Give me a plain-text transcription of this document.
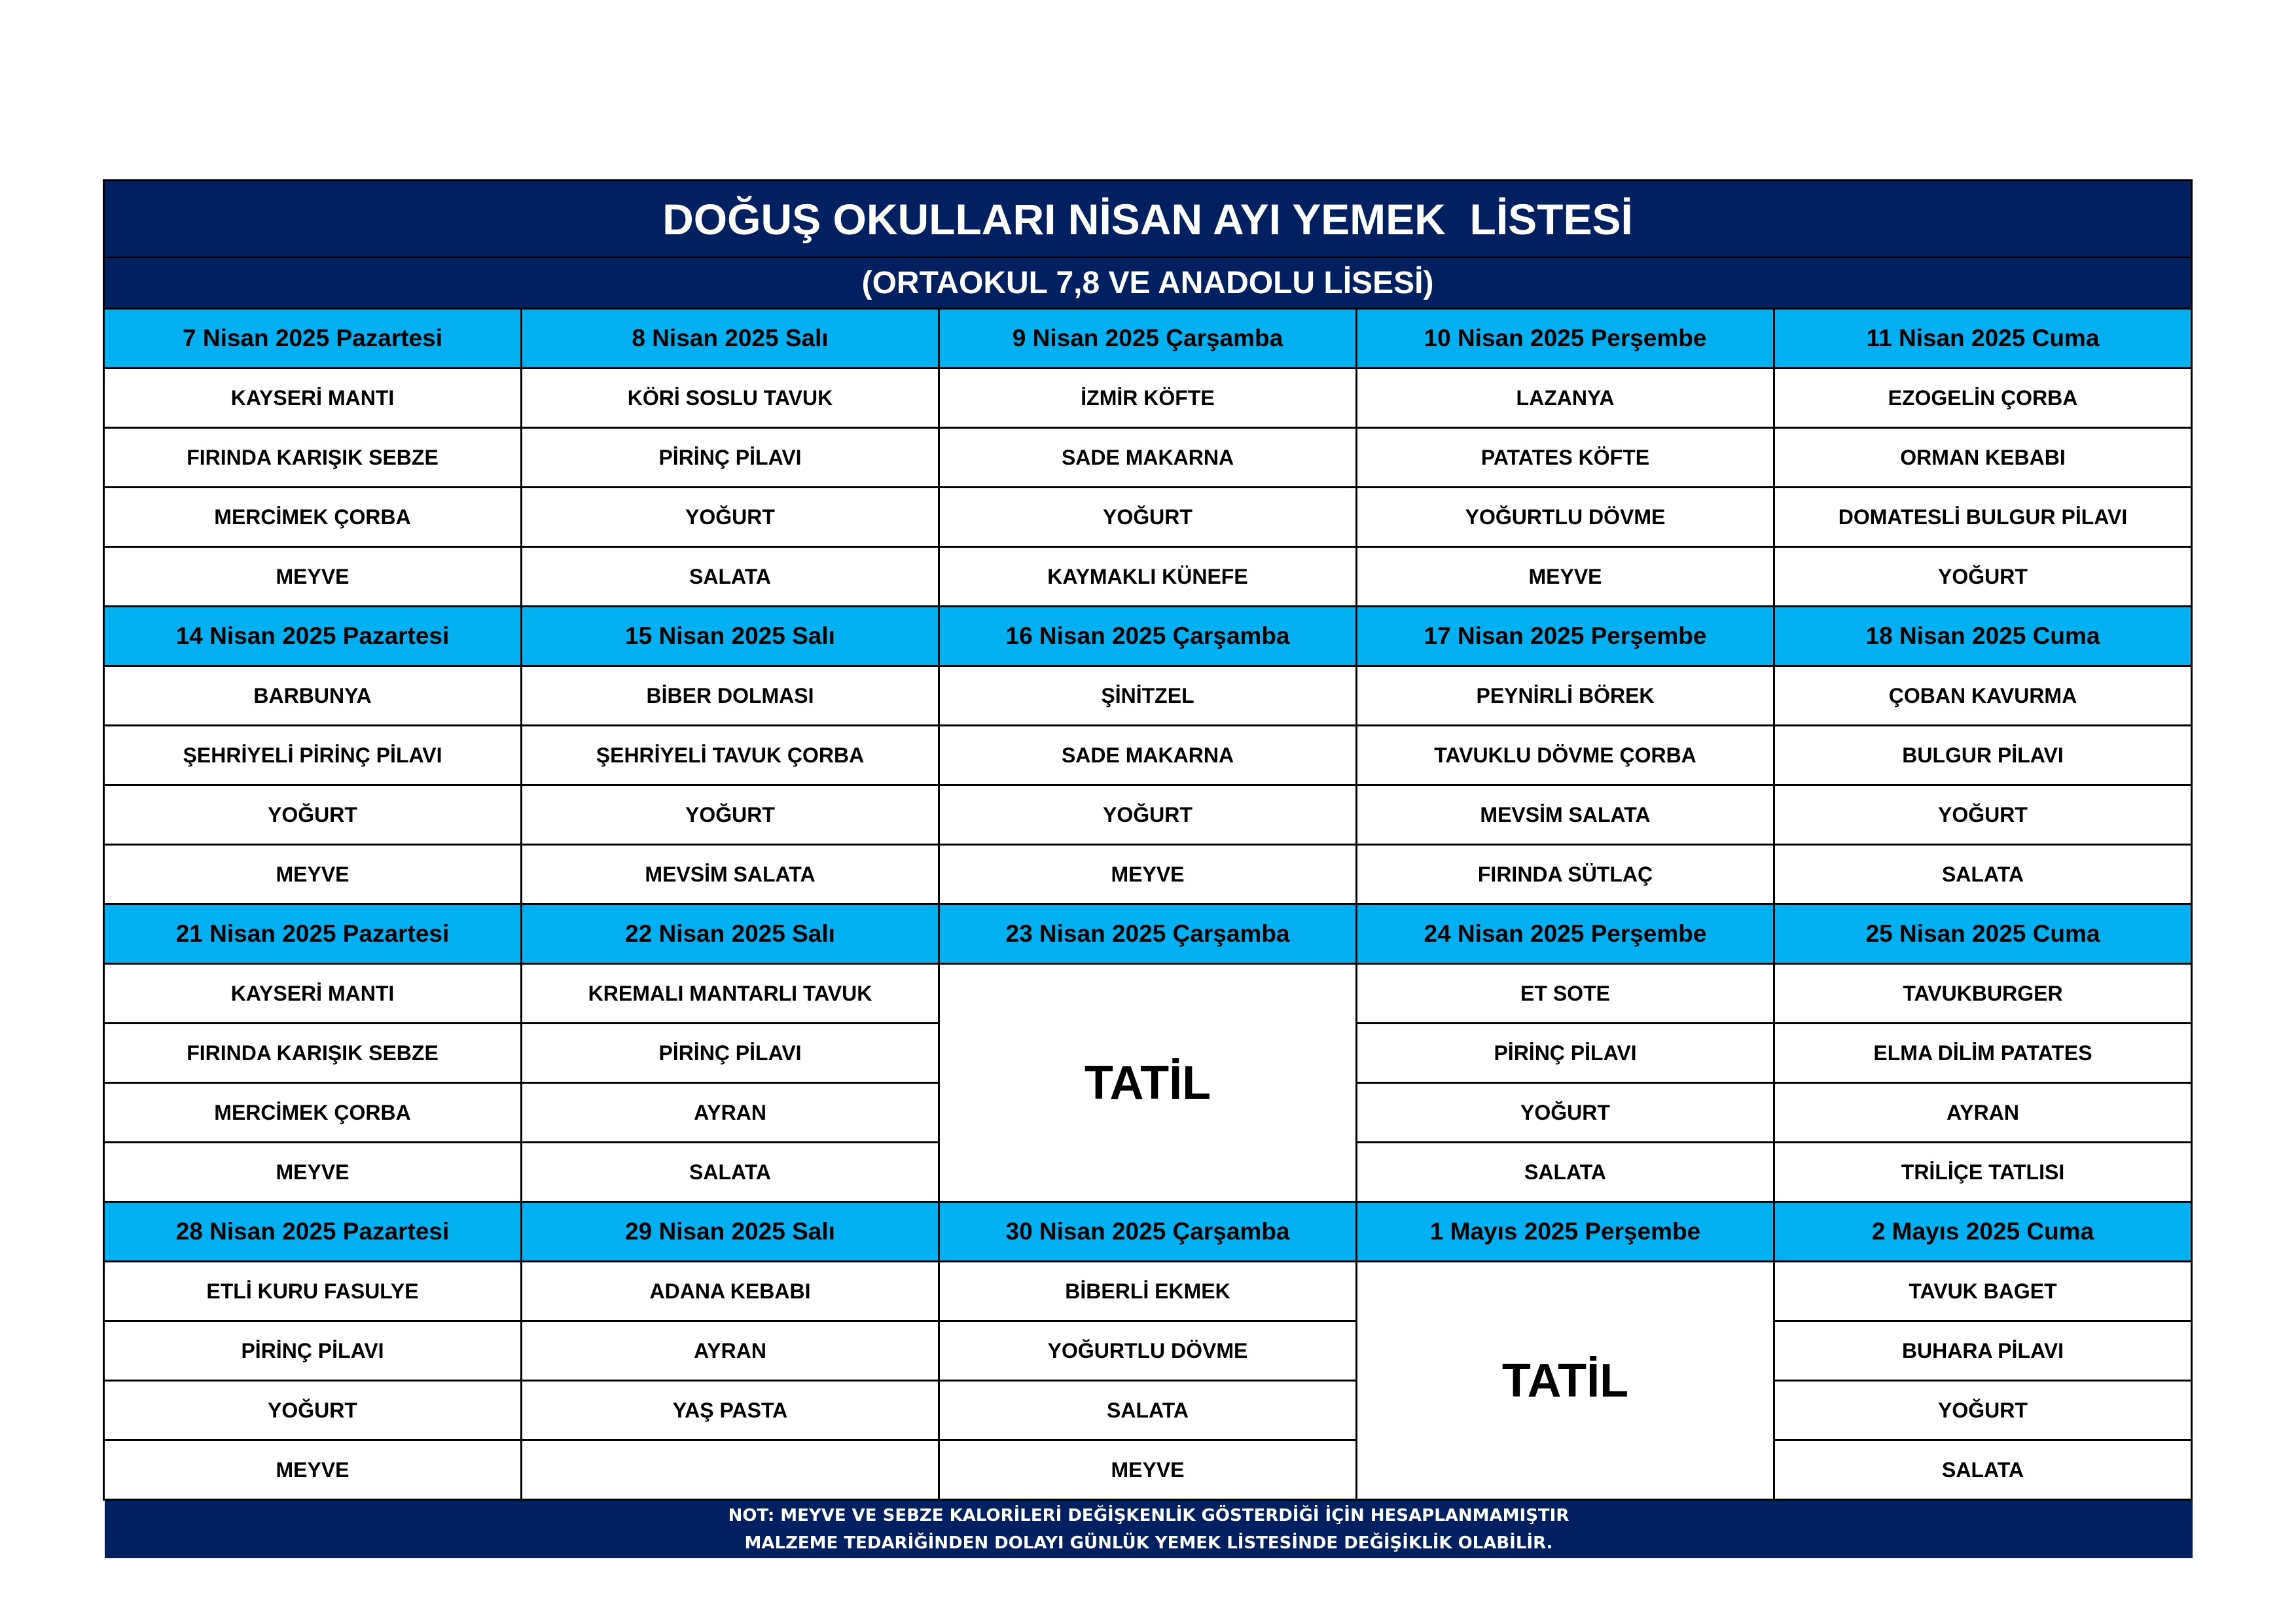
DOĞUŞ OKULLARI NİSAN AYI YEMEK  LİSTESİ
(ORTAOKUL 7,8 VE ANADOLU LİSESİ)
7 Nisan 2025 Pazartesi	8 Nisan 2025 Salı	9 Nisan 2025 Çarşamba	10 Nisan 2025 Perşembe	11 Nisan 2025 Cuma
KAYSERİ MANTI	KÖRİ SOSLU TAVUK	İZMİR KÖFTE	LAZANYA	EZOGELİN ÇORBA
FIRINDA KARIŞIK SEBZE	PİRİNÇ PİLAVI	SADE MAKARNA	PATATES KÖFTE	ORMAN KEBABI
MERCİMEK ÇORBA	YOĞURT	YOĞURT	YOĞURTLU DÖVME	DOMATESLİ BULGUR PİLAVI
MEYVE	SALATA	KAYMAKLI KÜNEFE	MEYVE	YOĞURT
14 Nisan 2025 Pazartesi	15 Nisan 2025 Salı	16 Nisan 2025 Çarşamba	17 Nisan 2025 Perşembe	18 Nisan 2025 Cuma
BARBUNYA	BİBER DOLMASI	ŞİNİTZEL	PEYNİRLİ BÖREK	ÇOBAN KAVURMA
ŞEHRİYELİ PİRİNÇ PİLAVI	ŞEHRİYELİ TAVUK ÇORBA	SADE MAKARNA	TAVUKLU DÖVME ÇORBA	BULGUR PİLAVI
YOĞURT	YOĞURT	YOĞURT	MEVSİM SALATA	YOĞURT
MEYVE	MEVSİM SALATA	MEYVE	FIRINDA SÜTLAÇ	SALATA
21 Nisan 2025 Pazartesi	22 Nisan 2025 Salı	23 Nisan 2025 Çarşamba	24 Nisan 2025 Perşembe	25 Nisan 2025 Cuma
KAYSERİ MANTI	KREMALI MANTARLI TAVUK	TATİL	ET SOTE	TAVUKBURGER
FIRINDA KARIŞIK SEBZE	PİRİNÇ PİLAVI		PİRİNÇ PİLAVI	ELMA DİLİM PATATES
MERCİMEK ÇORBA	AYRAN		YOĞURT	AYRAN
MEYVE	SALATA		SALATA	TRİLİÇE TATLISI
28 Nisan 2025 Pazartesi	29 Nisan 2025 Salı	30 Nisan 2025 Çarşamba	1 Mayıs 2025 Perşembe	2 Mayıs 2025 Cuma
ETLİ KURU FASULYE	ADANA KEBABI	BİBERLİ EKMEK	TATİL	TAVUK BAGET
PİRİNÇ PİLAVI	AYRAN	YOĞURTLU DÖVME		BUHARA PİLAVI
YOĞURT	YAŞ PASTA	SALATA		YOĞURT
MEYVE		MEYVE		SALATA
NOT: MEYVE VE SEBZE KALORİLERİ DEĞİŞKENLİK GÖSTERDİĞİ İÇİN HESAPLANMAMIŞTIR
MALZEME TEDARİĞİNDEN DOLAYI GÜNLÜK YEMEK LİSTESİNDE DEĞİŞİKLİK OLABİLİR.
